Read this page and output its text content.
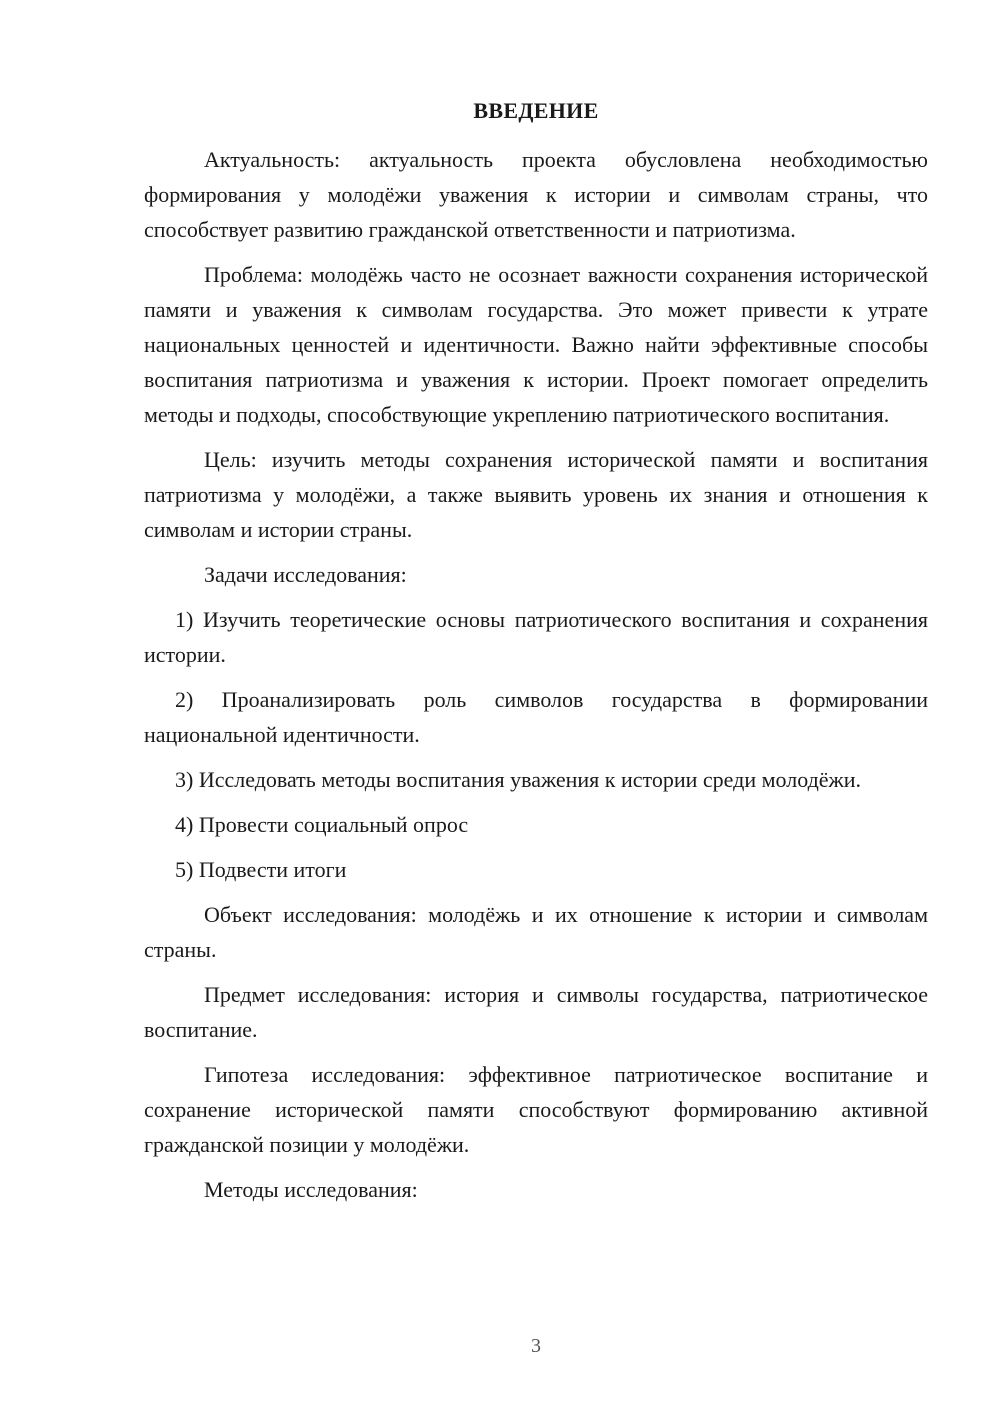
ВВЕДЕНИЕ

Актуальность: актуальность проекта обусловлена необходимостью формирования у молодёжи уважения к истории и символам страны, что способствует развитию гражданской ответственности и патриотизма.

Проблема: молодёжь часто не осознает важности сохранения исторической памяти и уважения к символам государства. Это может привести к утрате национальных ценностей и идентичности. Важно найти эффективные способы воспитания патриотизма и уважения к истории. Проект помогает определить методы и подходы, способствующие укреплению патриотического воспитания.

Цель: изучить методы сохранения исторической памяти и воспитания патриотизма у молодёжи, а также выявить уровень их знания и отношения к символам и истории страны.

Задачи исследования:

1) Изучить теоретические основы патриотического воспитания и сохранения истории.

2) Проанализировать роль символов государства в формировании национальной идентичности.

3) Исследовать методы воспитания уважения к истории среди молодёжи.

4) Провести социальный опрос

5) Подвести итоги

Объект исследования: молодёжь и их отношение к истории и символам страны.

Предмет исследования: история и символы государства, патриотическое воспитание.

Гипотеза исследования: эффективное патриотическое воспитание и сохранение исторической памяти способствуют формированию активной гражданской позиции у молодёжи.

Методы исследования:

3
